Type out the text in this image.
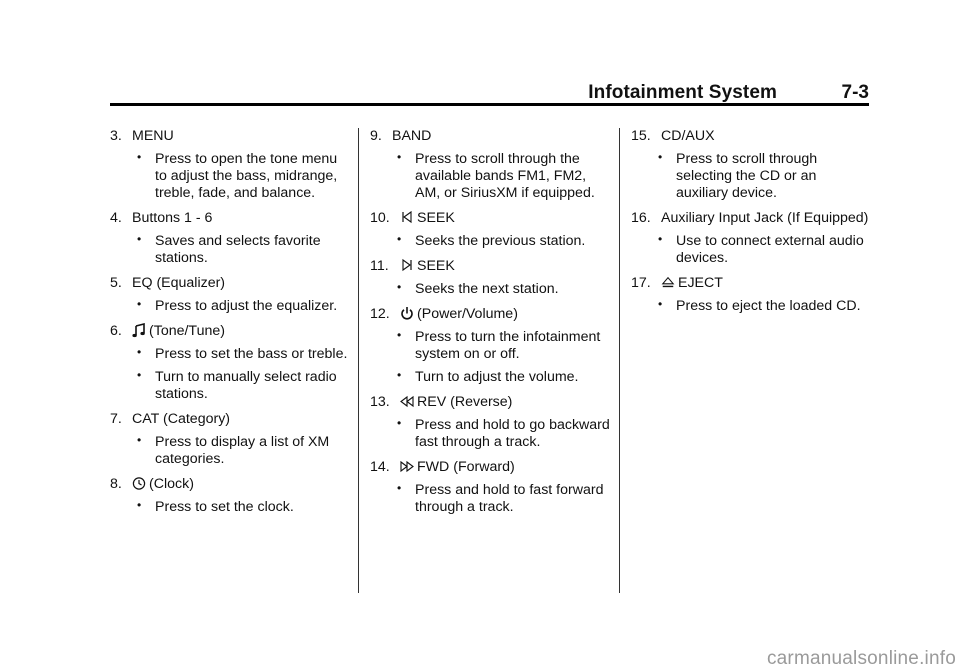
Infotainment System	7-3
3. MENU
• Press to open the tone menu to adjust the bass, midrange, treble, fade, and balance.
4. Buttons 1 - 6
• Saves and selects favorite stations.
5. EQ (Equalizer)
• Press to adjust the equalizer.
6.	(Tone/Tune)
• Press to set the bass or treble.
• Turn to manually select radio stations.
7. CAT (Category)
• Press to display a list of XM categories.
8.	(Clock)
• Press to set the clock.
9. BAND
• Press to scroll through the available bands FM1, FM2, AM, or SiriusXM if equipped.
10.	SEEK
• Seeks the previous station.
11.	SEEK
• Seeks the next station.
12.	(Power/Volume)
• Press to turn the infotainment system on or off.
• Turn to adjust the volume.
13.	REV (Reverse)
• Press and hold to go backward fast through a track.
14.	FWD (Forward)
• Press and hold to fast forward through a track.
15. CD/AUX
• Press to scroll through selecting the CD or an auxiliary device.
16. Auxiliary Input Jack (If Equipped)
• Use to connect external audio devices.
17.	EJECT
• Press to eject the loaded CD.
carmanualsonline.info
